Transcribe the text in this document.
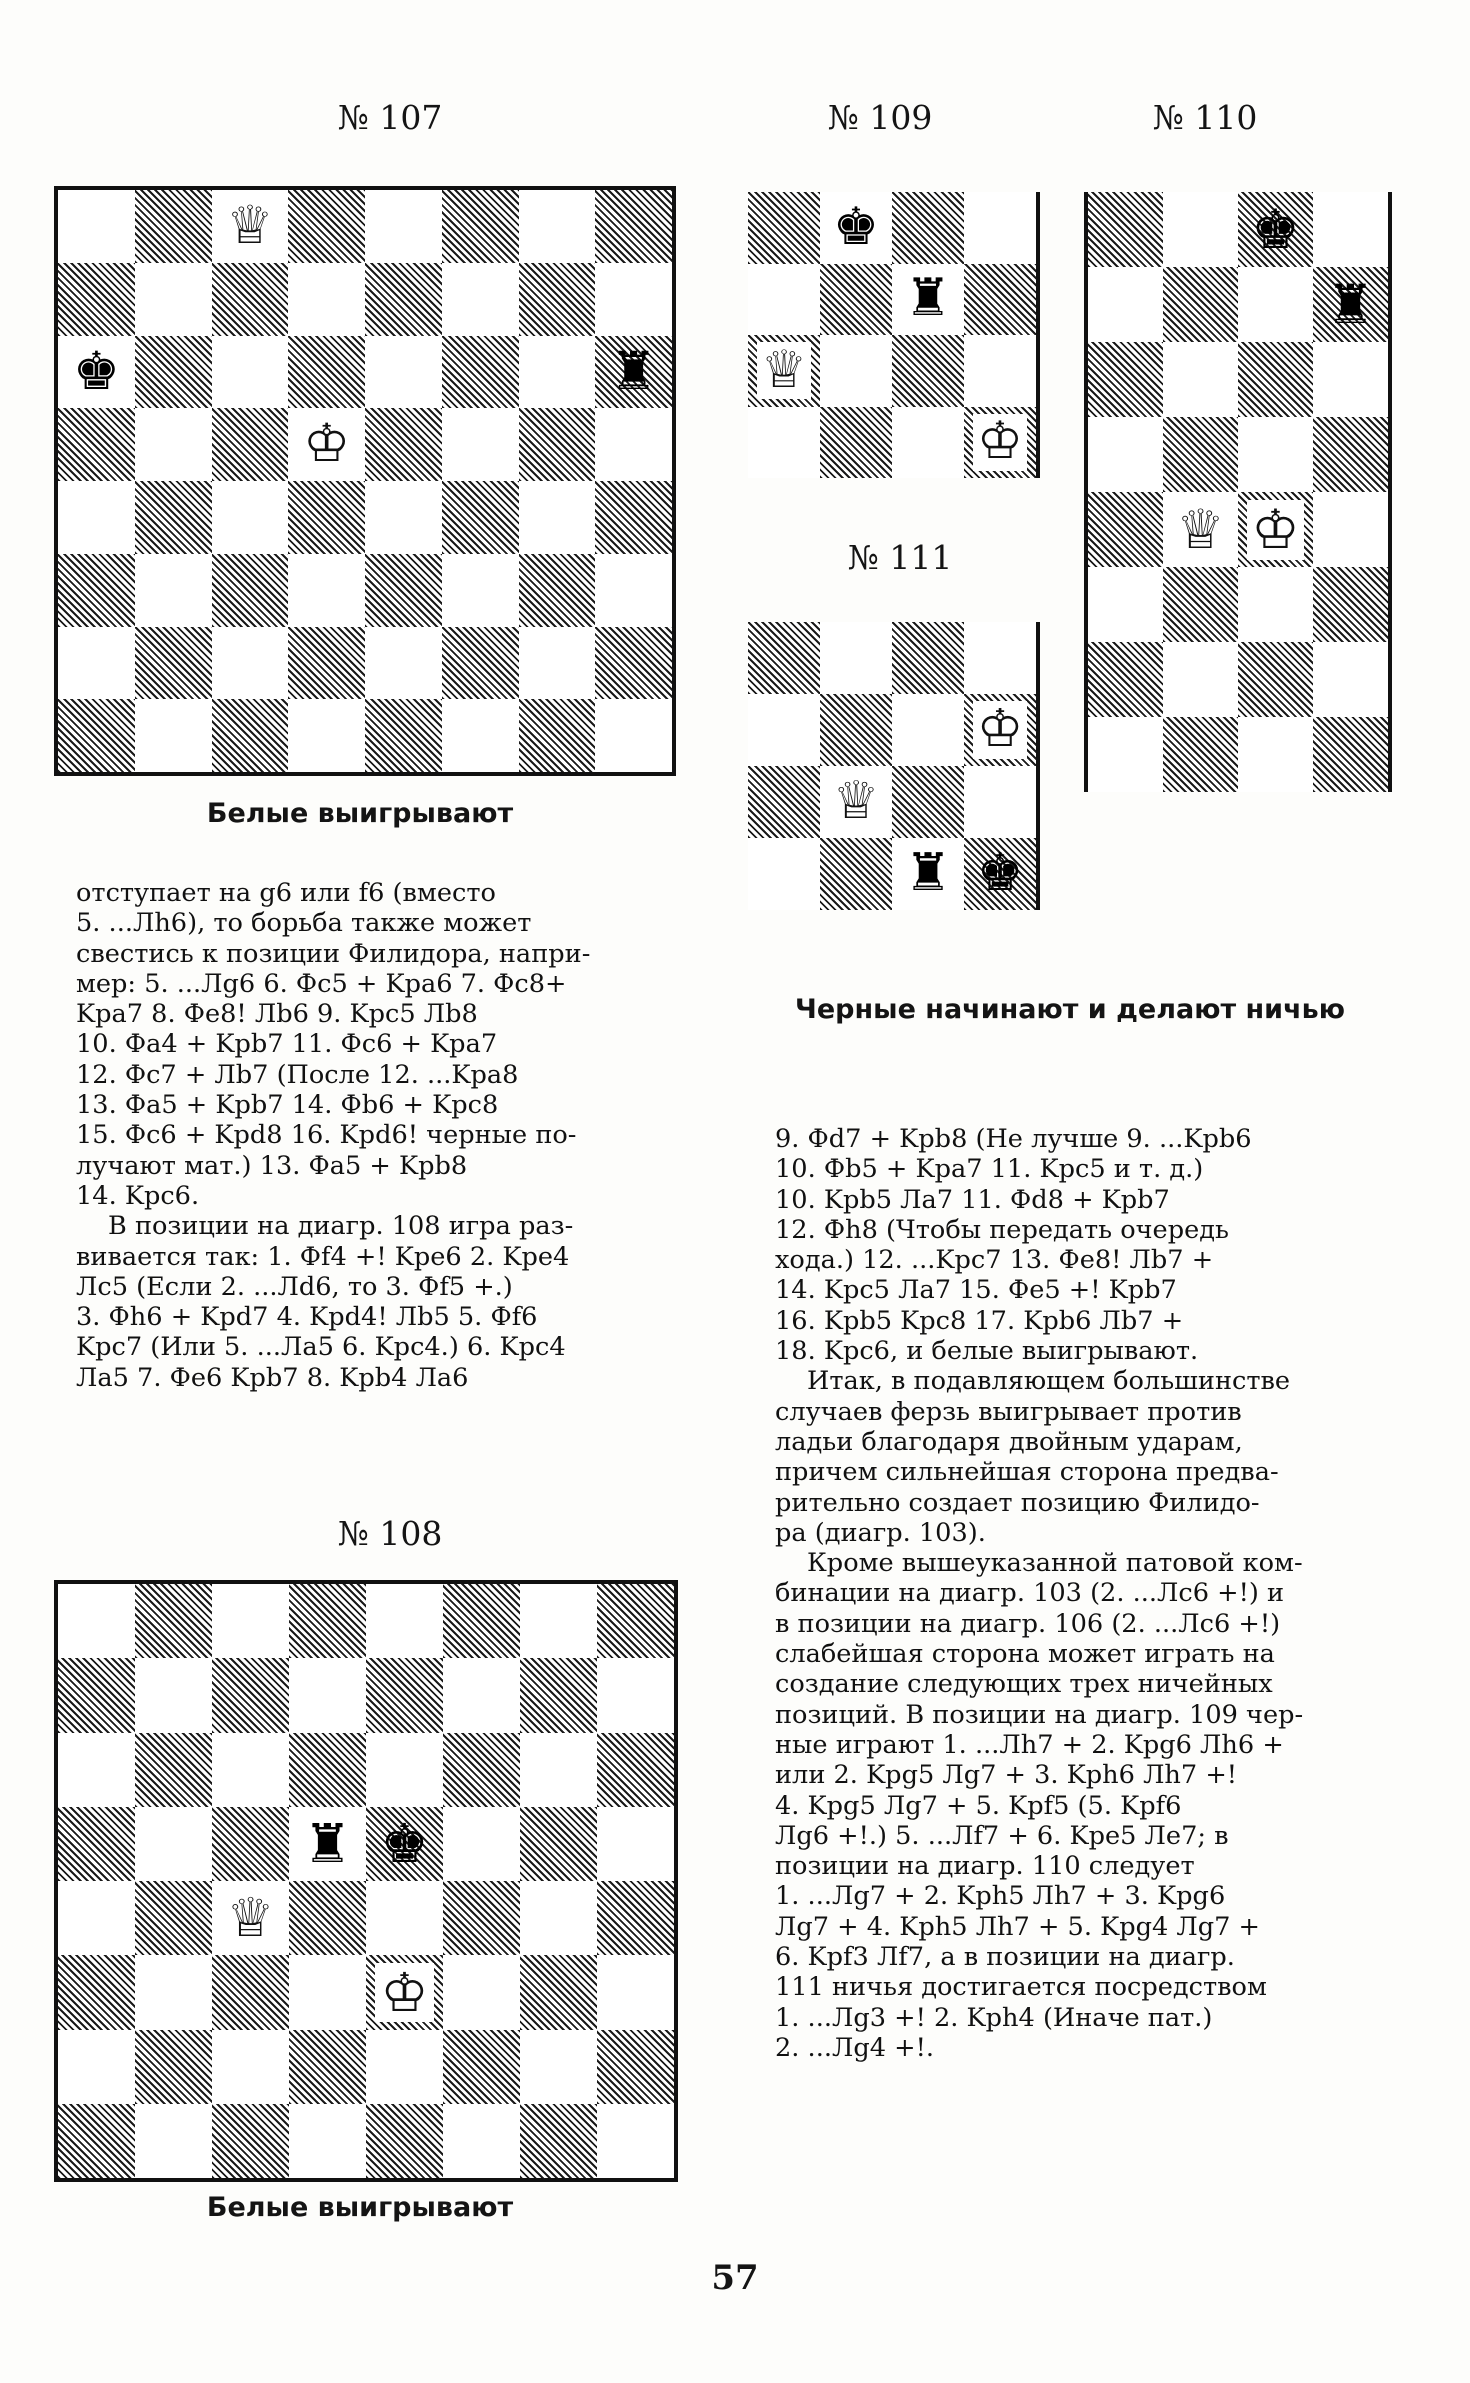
№ 107
♕
♚	♜
♔
Белые выигрывают
№ 109
♚
♜
♕
♔
№ 110
♚
♜
♕ ♔
№ 111
♔
♕
♜ ♚
Черные начинают и делают ничью
отступает на g6 или f6 (вместо
5. ...Лh6), то борьба также может
свестись к позиции Филидора, напри-
мер: 5. ...Лg6 6. Фc5 + Kpa6 7. Фc8+
Kpa7 8. Фe8! Лb6 9. Kpc5 Лb8
10. Фa4 + Kpb7 11. Фc6 + Kpa7
12. Фc7 + Лb7 (После 12. ...Kpa8
13. Фa5 + Kpb7 14. Фb6 + Kpc8
15. Фc6 + Kpd8 16. Kpd6! черные по-
лучают мат.) 13. Фa5 + Kpb8
14. Kpc6.
В позиции на диагр. 108 игра раз-
вивается так: 1. Фf4 +! Kpe6 2. Kpe4
Лc5 (Если 2. ...Лd6, то 3. Фf5 +.)
3. Фh6 + Kpd7 4. Kpd4! Лb5 5. Фf6
Kpc7 (Или 5. ...Лa5 6. Kpc4.) 6. Kpc4
Лa5 7. Фe6 Kpb7 8. Kpb4 Лa6
№ 108
♜ ♚
♕
♔
Белые выигрывают
9. Фd7 + Kpb8 (Не лучше 9. ...Kpb6
10. Фb5 + Kpa7 11. Kpc5 и т. д.)
10. Kpb5 Лa7 11. Фd8 + Kpb7
12. Фh8 (Чтобы передать очередь
хода.) 12. ...Kpc7 13. Фe8! Лb7 +
14. Kpc5 Лa7 15. Фe5 +! Kpb7
16. Kpb5 Kpc8 17. Kpb6 Лb7 +
18. Kpc6, и белые выигрывают.
Итак, в подавляющем большинстве
случаев ферзь выигрывает против
ладьи благодаря двойным ударам,
причем сильнейшая сторона предва-
рительно создает позицию Филидо-
ра (диагр. 103).
Кроме вышеуказанной патовой ком-
бинации на диагр. 103 (2. ...Лc6 +!) и
в позиции на диагр. 106 (2. ...Лc6 +!)
слабейшая сторона может играть на
создание следующих трех ничейных
позиций. В позиции на диагр. 109 чер-
ные играют 1. ...Лh7 + 2. Kpg6 Лh6 +
или 2. Kpg5 Лg7 + 3. Kph6 Лh7 +!
4. Kpg5 Лg7 + 5. Kpf5 (5. Kpf6
Лg6 +!.) 5. ...Лf7 + 6. Kpe5 Лe7; в
позиции на диагр. 110 следует
1. ...Лg7 + 2. Kph5 Лh7 + 3. Kpg6
Лg7 + 4. Kph5 Лh7 + 5. Kpg4 Лg7 +
6. Kpf3 Лf7, а в позиции на диагр.
111 ничья достигается посредством
1. ...Лg3 +! 2. Kph4 (Иначе пат.)
2. ...Лg4 +!.
57
